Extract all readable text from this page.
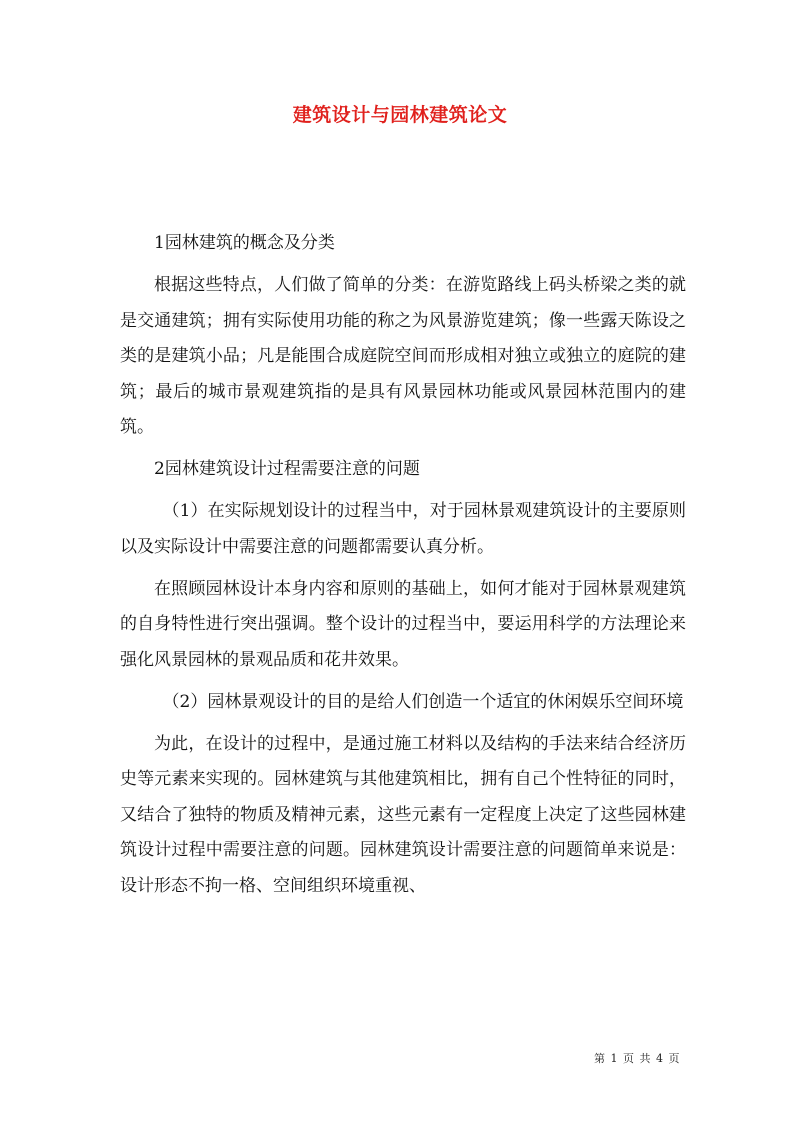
建筑设计与园林建筑论文

1园林建筑的概念及分类

根据这些特点，人们做了简单的分类：在游览路线上码头桥梁之类的就是交通建筑；拥有实际使用功能的称之为风景游览建筑；像一些露天陈设之类的是建筑小品；凡是能围合成庭院空间而形成相对独立或独立的庭院的建筑；最后的城市景观建筑指的是具有风景园林功能或风景园林范围内的建筑。

2园林建筑设计过程需要注意的问题

（1）在实际规划设计的过程当中，对于园林景观建筑设计的主要原则以及实际设计中需要注意的问题都需要认真分析。

在照顾园林设计本身内容和原则的基础上，如何才能对于园林景观建筑的自身特性进行突出强调。整个设计的过程当中，要运用科学的方法理论来强化风景园林的景观品质和花井效果。

（2）园林景观设计的目的是给人们创造一个适宜的休闲娱乐空间环境

为此，在设计的过程中，是通过施工材料以及结构的手法来结合经济历史等元素来实现的。园林建筑与其他建筑相比，拥有自己个性特征的同时，又结合了独特的物质及精神元素，这些元素有一定程度上决定了这些园林建筑设计过程中需要注意的问题。园林建筑设计需要注意的问题简单来说是：设计形态不拘一格、空间组织环境重视、

第 1 页 共 4 页
